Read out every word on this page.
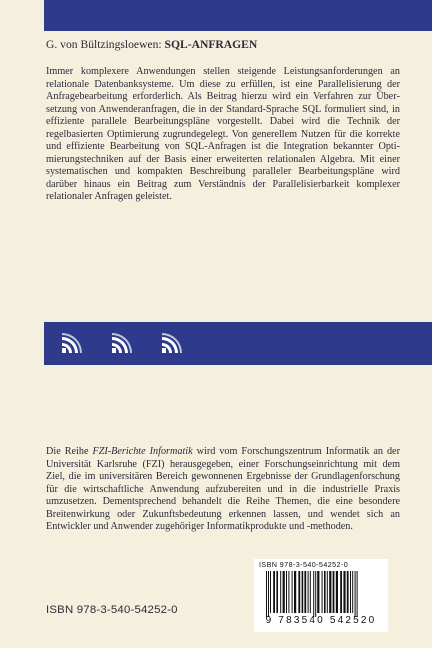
G. von Bültzingsloewen: SQL-ANFRAGEN

Immer komplexere Anwendungen stellen steigende Leistungsanforderungen an relationale Datenbanksysteme. Um diese zu erfüllen, ist eine Parallelisierung der Anfragebearbeitung erforderlich. Als Beitrag hierzu wird ein Verfahren zur Übersetzung von Anwenderanfragen, die in der Standard-Sprache SQL formuliert sind, in effiziente parallele Bearbeitungspläne vorgestellt. Dabei wird die Technik der regelbasierten Optimierung zugrundegelegt. Von generellem Nutzen für die korrekte und effiziente Bearbeitung von SQL-Anfragen ist die Integration bekannter Optimierungstechniken auf der Basis einer erweiterten relationalen Algebra. Mit einer systematischen und kompakten Beschreibung paralleler Bearbeitungspläne wird darüber hinaus ein Beitrag zum Verständnis der Parallelisierbarkeit komplexer relationaler Anfragen geleistet.

Die Reihe FZI-Berichte Informatik wird vom Forschungszentrum Informatik an der Universität Karlsruhe (FZI) herausgegeben, einer Forschungseinrichtung mit dem Ziel, die im universitären Bereich gewonnenen Ergebnisse der Grundlagenforschung für die wirtschaftliche Anwendung aufzubereiten und in die industrielle Praxis umzusetzen. Dementsprechend behandelt die Reihe Themen, die eine besondere Breitenwirkung oder Zukunftsbedeutung erkennen lassen, und wendet sich an Entwickler und Anwender zugehöriger Informatikprodukte und -methoden.

ISBN 978-3-540-54252-0
ISBN 978-3-540-54252-0
9 783540 542520
